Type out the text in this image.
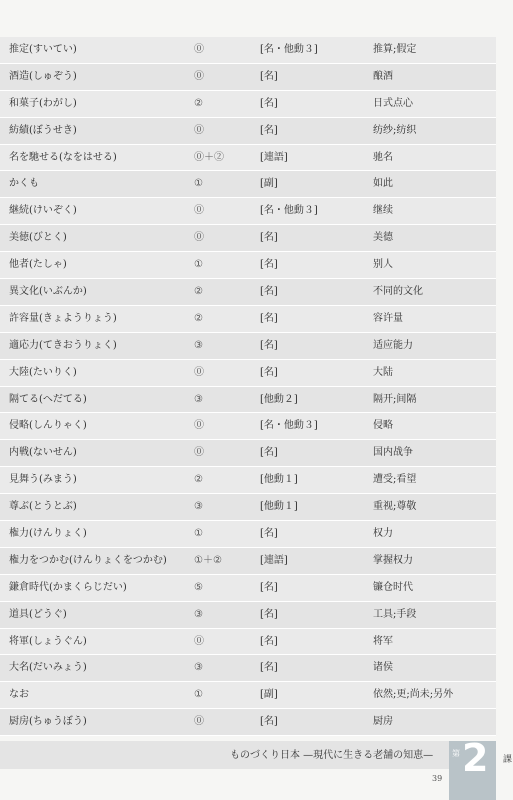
推定(すいてい)	⓪	[名・他動３]	推算;假定
酒造(しゅぞう)	⓪	[名]	酿酒
和菓子(わがし)	②	[名]	日式点心
紡績(ぼうせき)	⓪	[名]	纺纱;纺织
名を馳せる(なをはせる)	⓪＋②	[連語]	驰名
かくも	①	[副]	如此
継続(けいぞく)	⓪	[名・他動３]	继续
美徳(びとく)	⓪	[名]	美德
他者(たしゃ)	①	[名]	别人
異文化(いぶんか)	②	[名]	不同的文化
許容量(きょようりょう)	②	[名]	容许量
適応力(てきおうりょく)	③	[名]	适应能力
大陸(たいりく)	⓪	[名]	大陆
隔てる(へだてる)	③	[他動２]	隔开;间隔
侵略(しんりゃく)	⓪	[名・他動３]	侵略
内戦(ないせん)	⓪	[名]	国内战争
見舞う(みまう)	②	[他動１]	遭受;看望
尊ぶ(とうとぶ)	③	[他動１]	重视;尊敬
権力(けんりょく)	①	[名]	权力
権力をつかむ(けんりょくをつかむ)	①＋②	[連語]	掌握权力
鎌倉時代(かまくらじだい)	⑤	[名]	镰仓时代
道具(どうぐ)	③	[名]	工具;手段
将軍(しょうぐん)	⓪	[名]	将军
大名(だいみょう)	③	[名]	诸侯
なお	①	[副]	依然;更;尚未;另外
厨房(ちゅうぼう)	⓪	[名]	厨房
ものづくり日本 —現代に生きる老舗の知恵—
39
第 2 課
